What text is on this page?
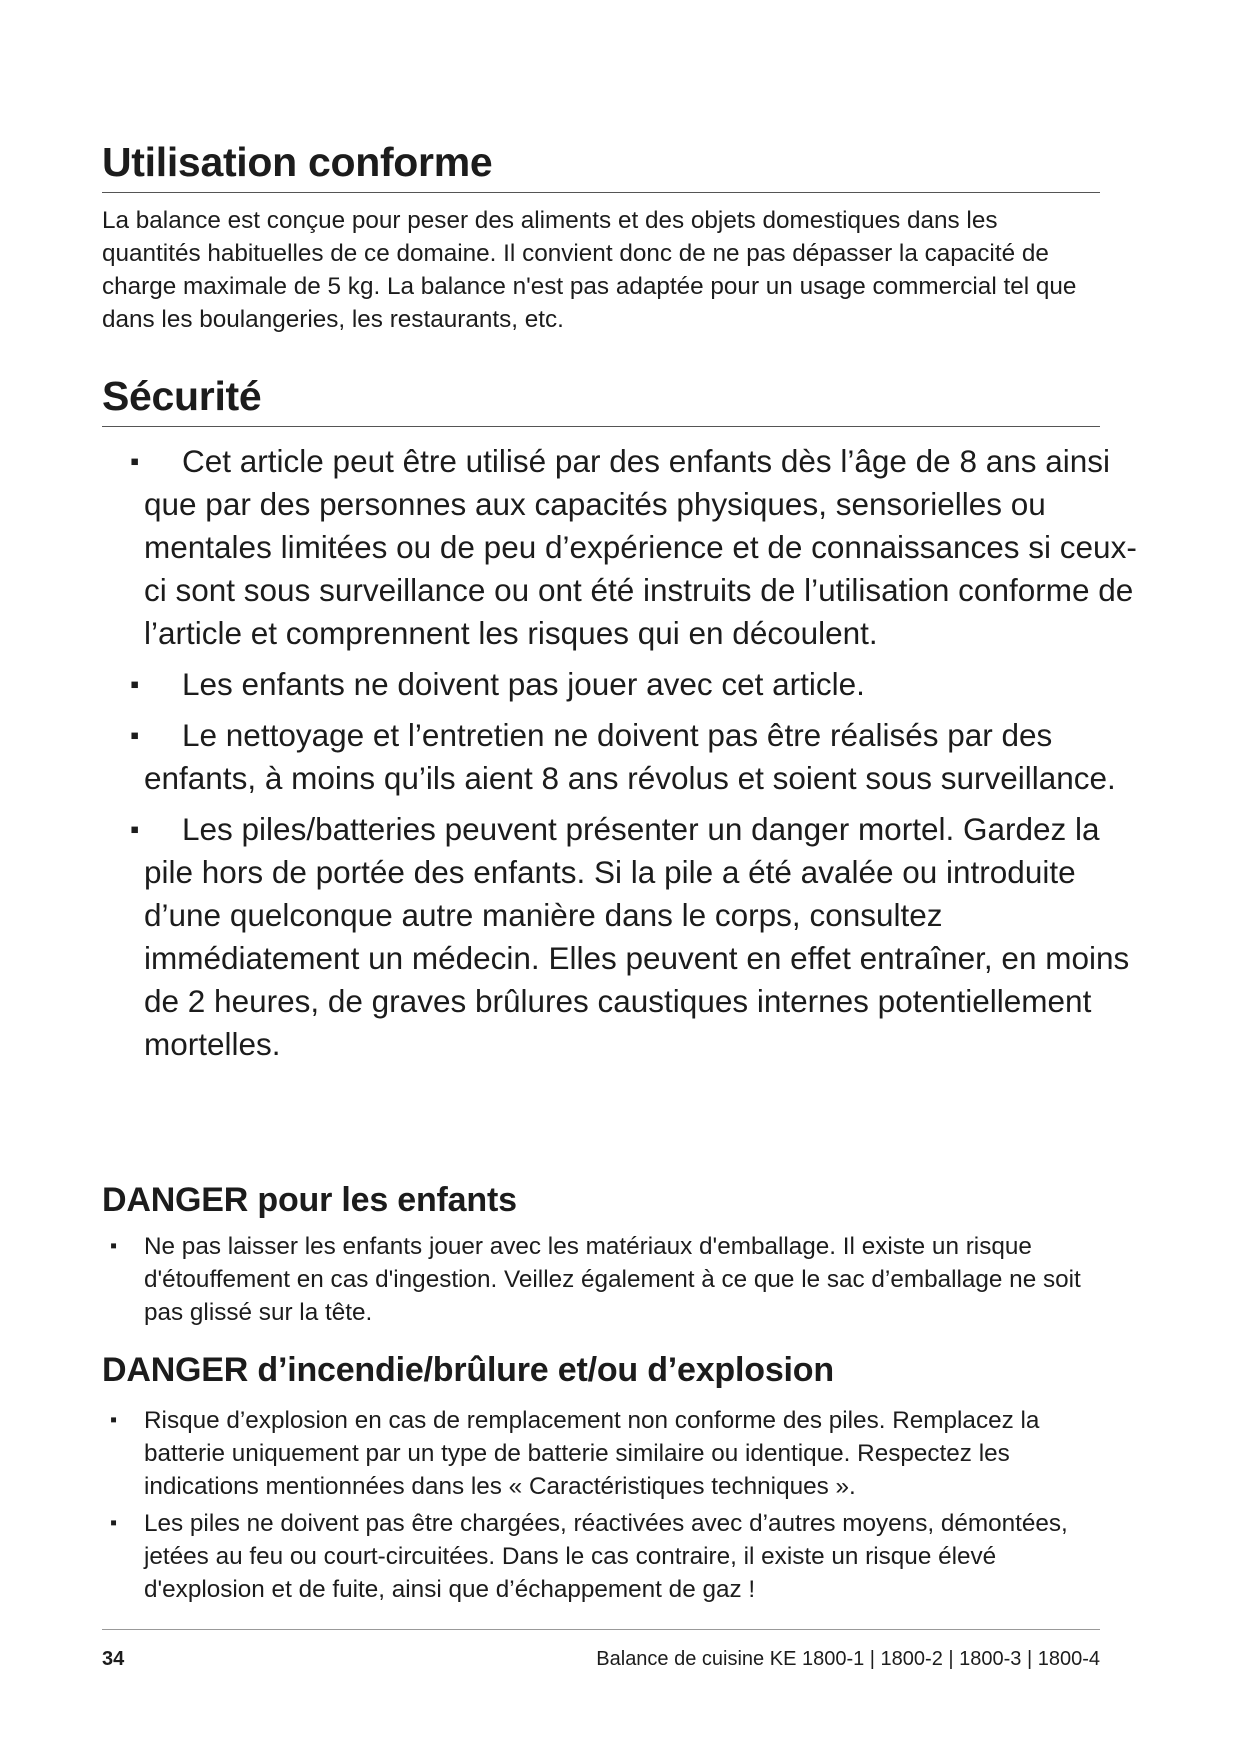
Utilisation conforme

La balance est conçue pour peser des aliments et des objets domestiques dans les quantités habituelles de ce domaine. Il convient donc de ne pas dépasser la capacité de charge maximale de 5 kg. La balance n'est pas adaptée pour un usage commercial tel que dans les boulangeries, les restaurants, etc.

Sécurité
▪	Cet article peut être utilisé par des enfants dès l’âge de 8 ans ainsi que par des personnes aux capacités physiques, sensorielles ou mentales limitées ou de peu d’expérience et de connaissances si ceux-ci sont sous surveillance ou ont été instruits de l’utilisation conforme de l’article et comprennent les risques qui en découlent.
▪	Les enfants ne doivent pas jouer avec cet article.
▪	Le nettoyage et l’entretien ne doivent pas être réalisés par des enfants, à moins qu’ils aient 8 ans révolus et soient sous surveillance.
▪	Les piles/batteries peuvent présenter un danger mortel. Gardez la pile hors de portée des enfants. Si la pile a été avalée ou introduite d’une quelconque autre manière dans le corps, consultez immédiatement un médecin. Elles peuvent en effet entraîner, en moins de 2 heures, de graves brûlures caustiques internes potentiellement mortelles.
DANGER pour les enfants
▪ Ne pas laisser les enfants jouer avec les matériaux d'emballage. Il existe un risque d'étouffement en cas d'ingestion. Veillez également à ce que le sac d’emballage ne soit pas glissé sur la tête.
DANGER d’incendie/brûlure et/ou d’explosion
▪ Risque d’explosion en cas de remplacement non conforme des piles. Remplacez la batterie uniquement par un type de batterie similaire ou identique. Respectez les indications mentionnées dans les « Caractéristiques techniques ».
▪ Les piles ne doivent pas être chargées, réactivées avec d’autres moyens, démontées, jetées au feu ou court-circuitées. Dans le cas contraire, il existe un risque élevé d'explosion et de fuite, ainsi que d’échappement de gaz !
34	Balance de cuisine KE 1800-1 | 1800-2 | 1800-3 | 1800-4
